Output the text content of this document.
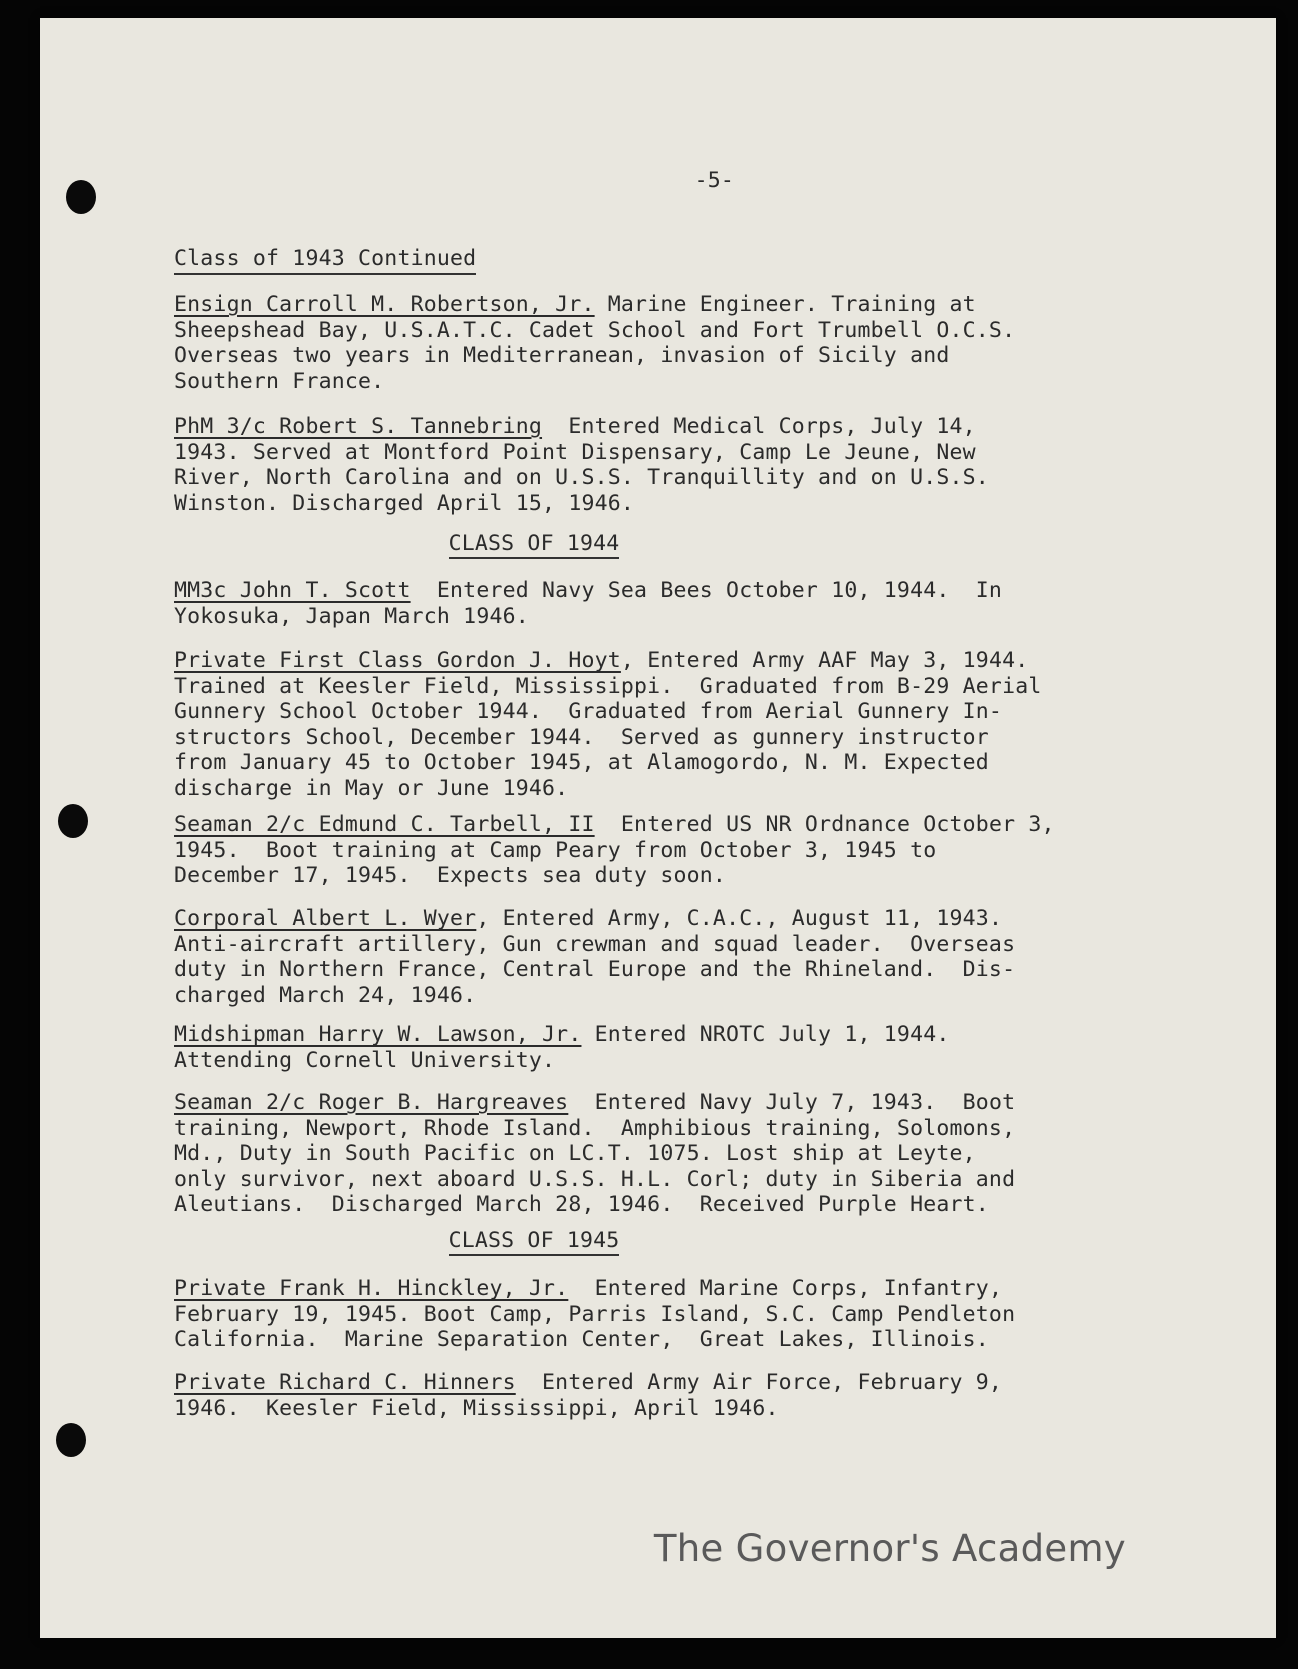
-5-
Class of 1943 Continued
Ensign Carroll M. Robertson, Jr. Marine Engineer. Training at
Sheepshead Bay, U.S.A.T.C. Cadet School and Fort Trumbell O.C.S.
Overseas two years in Mediterranean, invasion of Sicily and
Southern France.
PhM 3/c Robert S. Tannebring  Entered Medical Corps, July 14,
1943. Served at Montford Point Dispensary, Camp Le Jeune, New
River, North Carolina and on U.S.S. Tranquillity and on U.S.S.
Winston. Discharged April 15, 1946.
CLASS OF 1944
MM3c John T. Scott  Entered Navy Sea Bees October 10, 1944.  In
Yokosuka, Japan March 1946.
Private First Class Gordon J. Hoyt, Entered Army AAF May 3, 1944.
Trained at Keesler Field, Mississippi.  Graduated from B-29 Aerial
Gunnery School October 1944.  Graduated from Aerial Gunnery In-
structors School, December 1944.  Served as gunnery instructor
from January 45 to October 1945, at Alamogordo, N. M. Expected
discharge in May or June 1946.
Seaman 2/c Edmund C. Tarbell, II  Entered US NR Ordnance October 3,
1945.  Boot training at Camp Peary from October 3, 1945 to
December 17, 1945.  Expects sea duty soon.
Corporal Albert L. Wyer, Entered Army, C.A.C., August 11, 1943.
Anti-aircraft artillery, Gun crewman and squad leader.  Overseas
duty in Northern France, Central Europe and the Rhineland.  Dis-
charged March 24, 1946.
Midshipman Harry W. Lawson, Jr. Entered NROTC July 1, 1944.
Attending Cornell University.
Seaman 2/c Roger B. Hargreaves  Entered Navy July 7, 1943.  Boot
training, Newport, Rhode Island.  Amphibious training, Solomons,
Md., Duty in South Pacific on LC.T. 1075. Lost ship at Leyte,
only survivor, next aboard U.S.S. H.L. Corl; duty in Siberia and
Aleutians.  Discharged March 28, 1946.  Received Purple Heart.
CLASS OF 1945
Private Frank H. Hinckley, Jr.  Entered Marine Corps, Infantry,
February 19, 1945. Boot Camp, Parris Island, S.C. Camp Pendleton
California.  Marine Separation Center,  Great Lakes, Illinois.
Private Richard C. Hinners  Entered Army Air Force, February 9,
1946.  Keesler Field, Mississippi, April 1946.
The Governor's Academy
